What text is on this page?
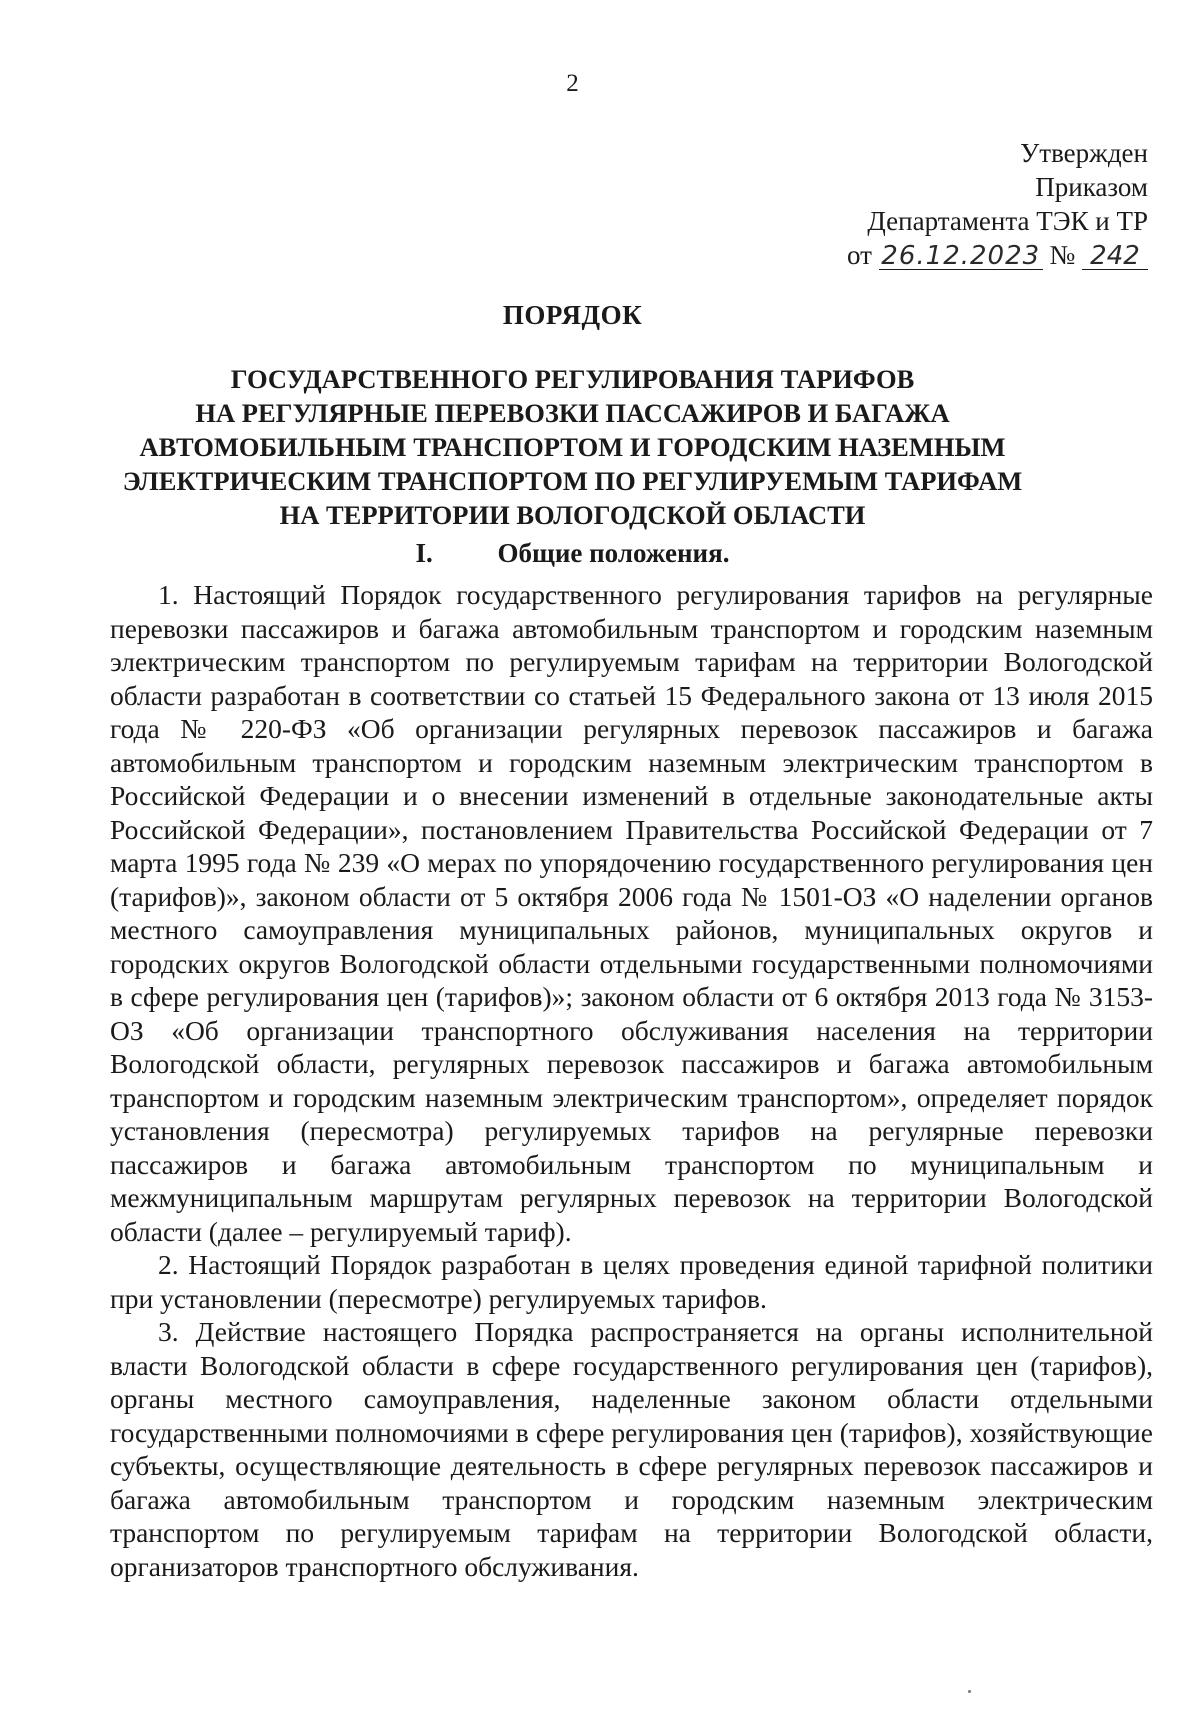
2
Утвержден
Приказом
Департамента ТЭК и ТР
от 26.12.2023 № 242
ПОРЯДОК
ГОСУДАРСТВЕННОГО РЕГУЛИРОВАНИЯ ТАРИФОВ
НА РЕГУЛЯРНЫЕ ПЕРЕВОЗКИ ПАССАЖИРОВ И БАГАЖА
АВТОМОБИЛЬНЫМ ТРАНСПОРТОМ И ГОРОДСКИМ НАЗЕМНЫМ
ЭЛЕКТРИЧЕСКИМ ТРАНСПОРТОМ ПО РЕГУЛИРУЕМЫМ ТАРИФАМ
НА ТЕРРИТОРИИ ВОЛОГОДСКОЙ ОБЛАСТИ
I. Общие положения.

1. Настоящий Порядок государственного регулирования тарифов на регулярные перевозки пассажиров и багажа автомобильным транспортом и городским наземным электрическим транспортом по регулируемым тарифам на территории Вологодской области разработан в соответствии со статьей 15 Федерального закона от 13 июля 2015 года № 220-ФЗ «Об организации регулярных перевозок пассажиров и багажа автомобильным транспортом и городским наземным электрическим транспортом в Российской Федерации и о внесении изменений в отдельные законодательные акты Российской Федерации», постановлением Правительства Российской Федерации от 7 марта 1995 года № 239 «О мерах по упорядочению государственного регулирования цен (тарифов)», законом области от 5 октября 2006 года № 1501-ОЗ «О наделении органов местного самоуправления муниципальных районов, муниципальных округов и городских округов Вологодской области отдельными государственными полномочиями в сфере регулирования цен (тарифов)»; законом области от 6 октября 2013 года № 3153-ОЗ «Об организации транспортного обслуживания населения на территории Вологодской области, регулярных перевозок пассажиров и багажа автомобильным транспортом и городским наземным электрическим транспортом», определяет порядок установления (пересмотра) регулируемых тарифов на регулярные перевозки пассажиров и багажа автомобильным транспортом по муниципальным и межмуниципальным маршрутам регулярных перевозок на территории Вологодской области (далее – регулируемый тариф).

2. Настоящий Порядок разработан в целях проведения единой тарифной политики при установлении (пересмотре) регулируемых тарифов.

3. Действие настоящего Порядка распространяется на органы исполнительной власти Вологодской области в сфере государственного регулирования цен (тарифов), органы местного самоуправления, наделенные законом области отдельными государственными полномочиями в сфере регулирования цен (тарифов), хозяйствующие субъекты, осуществляющие деятельность в сфере регулярных перевозок пассажиров и багажа автомобильным транспортом и городским наземным электрическим транспортом по регулируемым тарифам на территории Вологодской области, организаторов транспортного обслуживания.
